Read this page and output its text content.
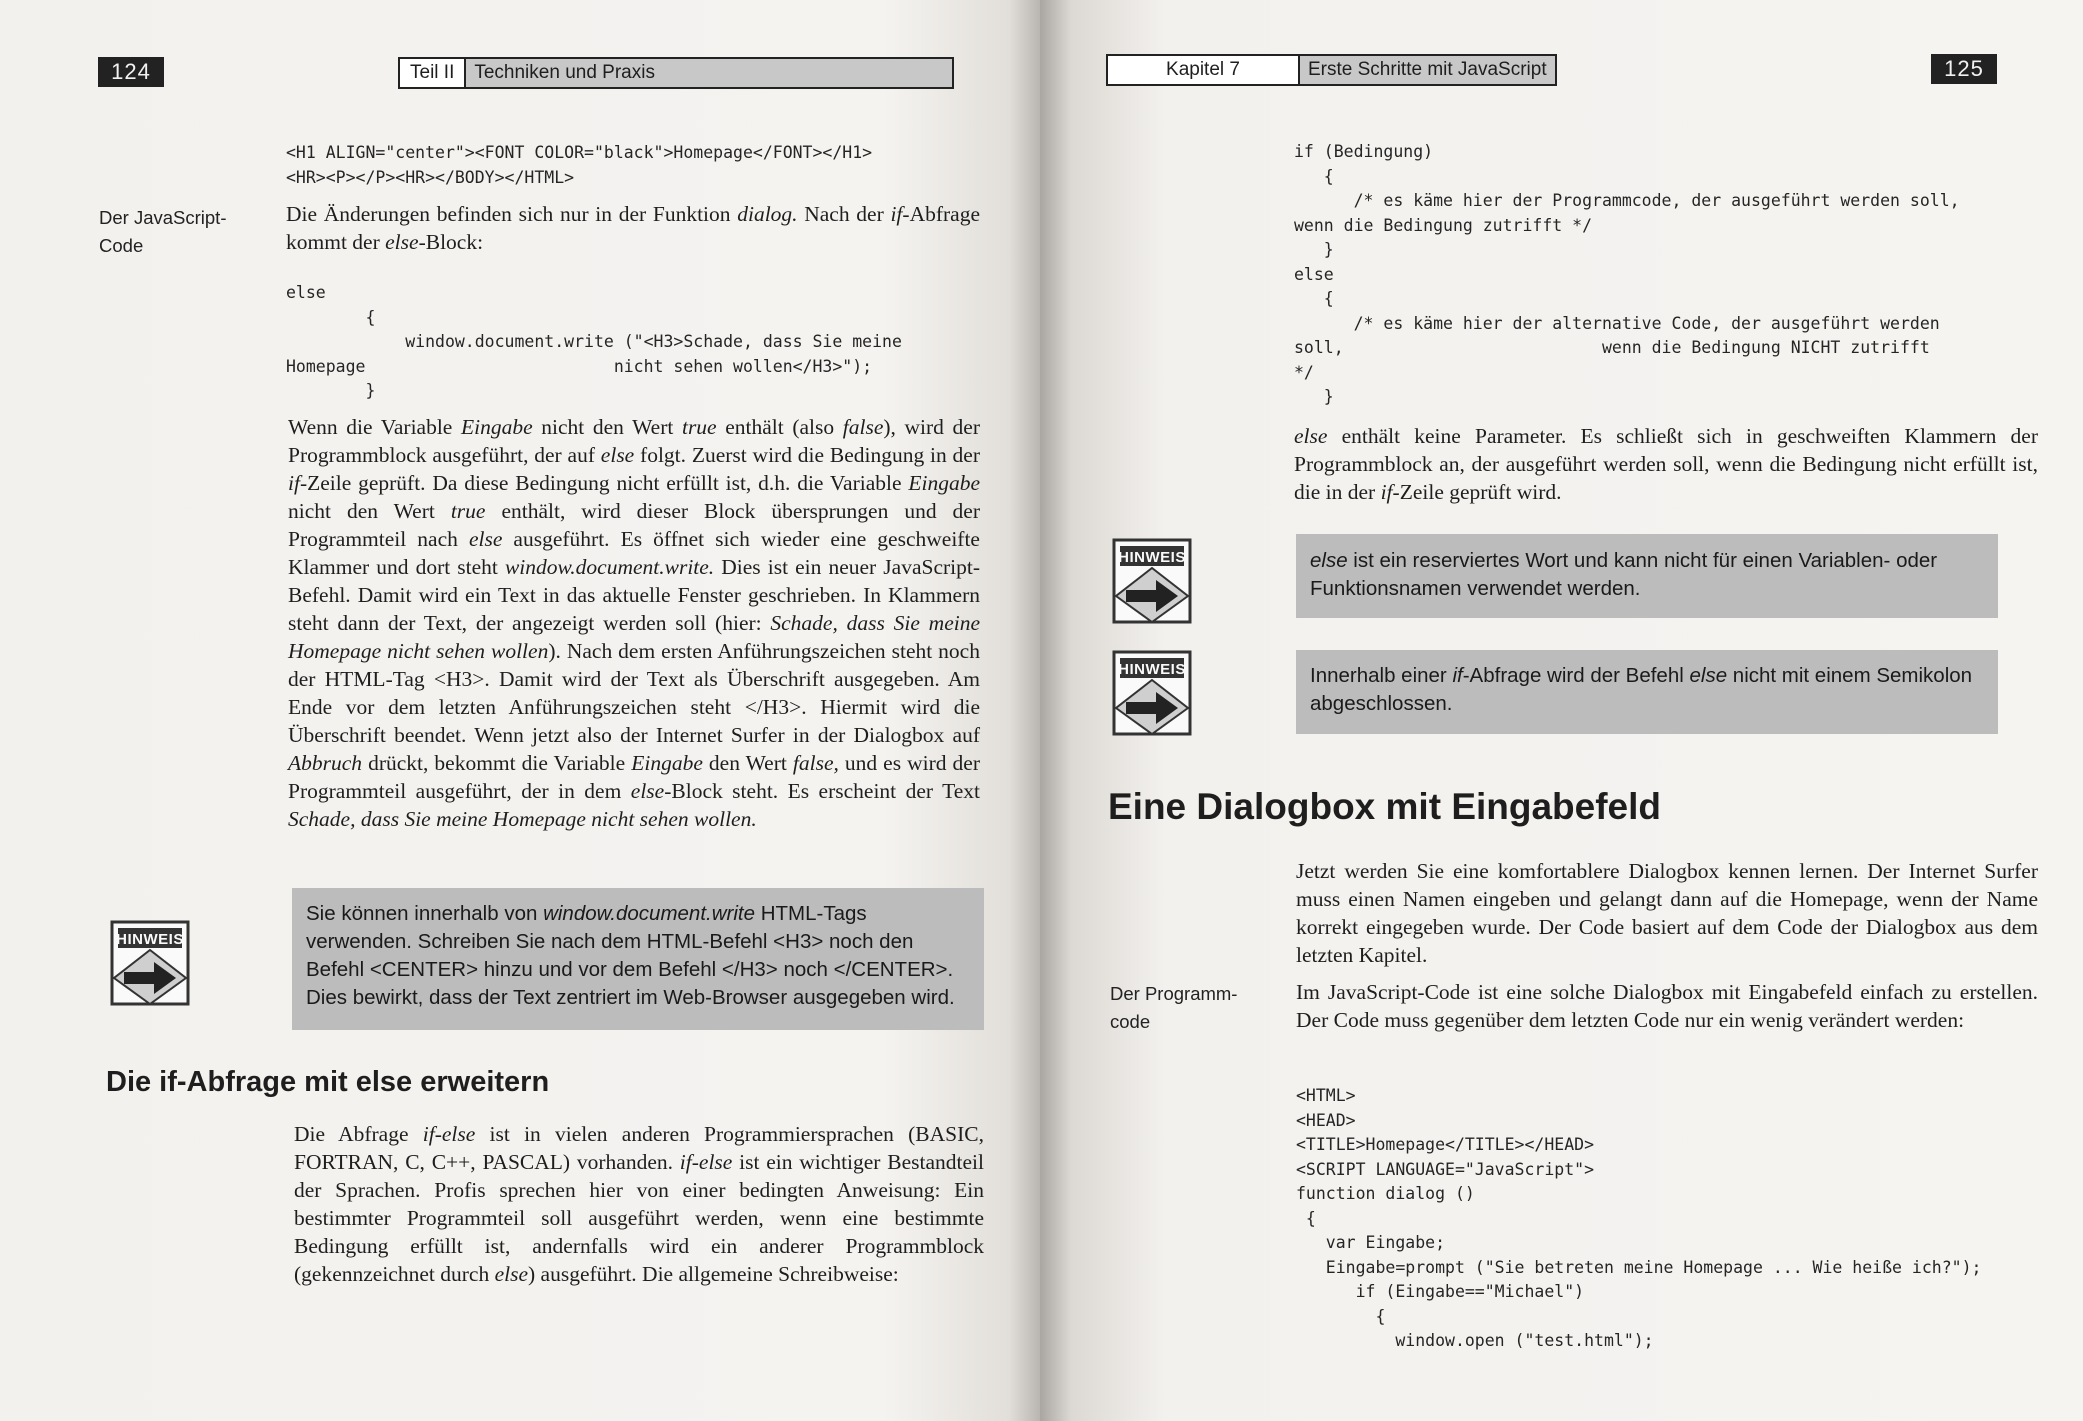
124	Teil II Techniken und Praxis
<H1 ALIGN="center"><FONT COLOR="black">Homepage</FONT></H1>
<HR><P></P><HR></BODY></HTML>
Der JavaScript-
Code
Die Änderungen befinden sich nur in der Funktion dialog. Nach der if-Abfrage kommt der else-Block:
else
{
window.document.write ("<H3>Schade, dass Sie meine
Homepage                         nicht sehen wollen</H3>");
}
Wenn die Variable Eingabe nicht den Wert true enthält (also false), wird der Programmblock ausgeführt, der auf else folgt. Zuerst wird die Bedingung in der if-Zeile geprüft. Da diese Bedingung nicht erfüllt ist, d.h. die Variable Eingabe nicht den Wert true enthält, wird dieser Block übersprungen und der Programmteil nach else ausgeführt. Es öffnet sich wieder eine geschweifte Klammer und dort steht window.document.write. Dies ist ein neuer JavaScript-Befehl. Damit wird ein Text in das aktuelle Fenster geschrieben. In Klammern steht dann der Text, der angezeigt werden soll (hier: Schade, dass Sie meine Homepage nicht sehen wollen). Nach dem ersten Anführungszeichen steht noch der HTML-Tag <H3>. Damit wird der Text als Überschrift ausgegeben. Am Ende vor dem letzten Anführungszeichen steht </H3>. Hiermit wird die Überschrift beendet. Wenn jetzt also der Internet Surfer in der Dialogbox auf Abbruch drückt, bekommt die Variable Eingabe den Wert false, und es wird der Programmteil ausgeführt, der in dem else-Block steht. Es erscheint der Text Schade, dass Sie meine Homepage nicht sehen wollen.
HINWEIS
Sie können innerhalb von window.document.write HTML-Tags verwenden. Schreiben Sie nach dem HTML-Befehl <H3> noch den Befehl <CENTER> hinzu und vor dem Befehl </H3> noch </CENTER>. Dies bewirkt, dass der Text zentriert im Web-Browser ausgegeben wird.
Die if-Abfrage mit else erweitern
Die Abfrage if-else ist in vielen anderen Programmiersprachen (BASIC, FORTRAN, C, C++, PASCAL) vorhanden. if-else ist ein wichtiger Bestandteil der Sprachen. Profis sprechen hier von einer bedingten Anweisung: Ein bestimmter Programmteil soll ausgeführt werden, wenn eine bestimmte Bedingung erfüllt ist, andernfalls wird ein anderer Programmblock (gekennzeichnet durch else) ausgeführt. Die allgemeine Schreibweise:
Kapitel 7	Erste Schritte mit JavaScript	125
if (Bedingung)
{
/* es käme hier der Programmcode, der ausgeführt werden soll,
wenn die Bedingung zutrifft */
}
else
{
/* es käme hier der alternative Code, der ausgeführt werden
soll,                          wenn die Bedingung NICHT zutrifft
*/
}
else enthält keine Parameter. Es schließt sich in geschweiften Klammern der Programmblock an, der ausgeführt werden soll, wenn die Bedingung nicht erfüllt ist, die in der if-Zeile geprüft wird.
HINWEIS	else ist ein reserviertes Wort und kann nicht für einen Variablen- oder Funktionsnamen verwendet werden.
HINWEIS	Innerhalb einer if-Abfrage wird der Befehl else nicht mit einem Semikolon abgeschlossen.
Eine Dialogbox mit Eingabefeld
Jetzt werden Sie eine komfortablere Dialogbox kennen lernen. Der Internet Surfer muss einen Namen eingeben und gelangt dann auf die Homepage, wenn der Name korrekt eingegeben wurde. Der Code basiert auf dem Code der Dialogbox aus dem letzten Kapitel.
Der Programm-
code
Im JavaScript-Code ist eine solche Dialogbox mit Eingabefeld einfach zu erstellen. Der Code muss gegenüber dem letzten Code nur ein wenig verändert werden:
<HTML>
<HEAD>
<TITLE>Homepage</TITLE></HEAD>
<SCRIPT LANGUAGE="JavaScript">
function dialog ()
{
var Eingabe;
Eingabe=prompt ("Sie betreten meine Homepage ... Wie heiße ich?");
if (Eingabe=="Michael")
{
window.open ("test.html");
